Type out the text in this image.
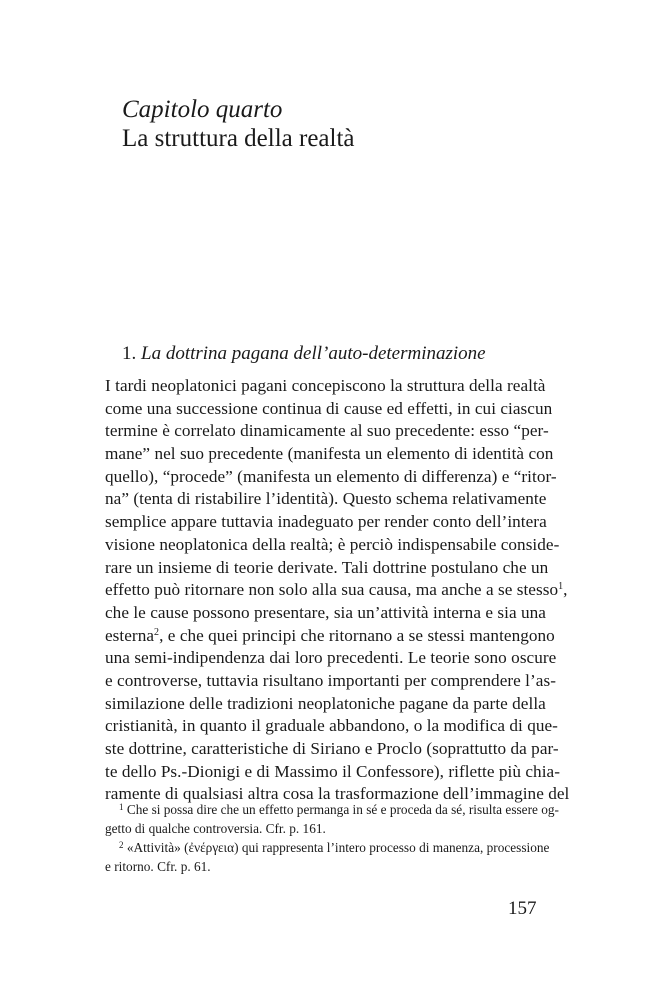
Capitolo quarto
La struttura della realtà
1. La dottrina pagana dell’auto-determinazione
I tardi neoplatonici pagani concepiscono la struttura della realtà
come una successione continua di cause ed effetti, in cui ciascun
termine è correlato dinamicamente al suo precedente: esso “per-
mane” nel suo precedente (manifesta un elemento di identità con
quello), “procede” (manifesta un elemento di differenza) e “ritor-
na” (tenta di ristabilire l’identità). Questo schema relativamente
semplice appare tuttavia inadeguato per render conto dell’intera
visione neoplatonica della realtà; è perciò indispensabile conside-
rare un insieme di teorie derivate. Tali dottrine postulano che un
effetto può ritornare non solo alla sua causa, ma anche a se stesso$^1$,
che le cause possono presentare, sia un’attività interna e sia una
esterna$^2$, e che quei principi che ritornano a se stessi mantengono
una semi-indipendenza dai loro precedenti. Le teorie sono oscure
e controverse, tuttavia risultano importanti per comprendere l’as-
similazione delle tradizioni neoplatoniche pagane da parte della
cristianità, in quanto il graduale abbandono, o la modifica di que-
ste dottrine, caratteristiche di Siriano e Proclo (soprattutto da par-
te dello Ps.-Dionigi e di Massimo il Confessore), riflette più chia-
ramente di qualsiasi altra cosa la trasformazione dell’immagine del
$^1$ Che si possa dire che un effetto permanga in sé e proceda da sé, risulta essere og-
getto di qualche controversia. Cfr. p. 161.
$^2$ «Attività» (ἐνέργεια) qui rappresenta l’intero processo di manenza, processione
e ritorno. Cfr. p. 61.
157
